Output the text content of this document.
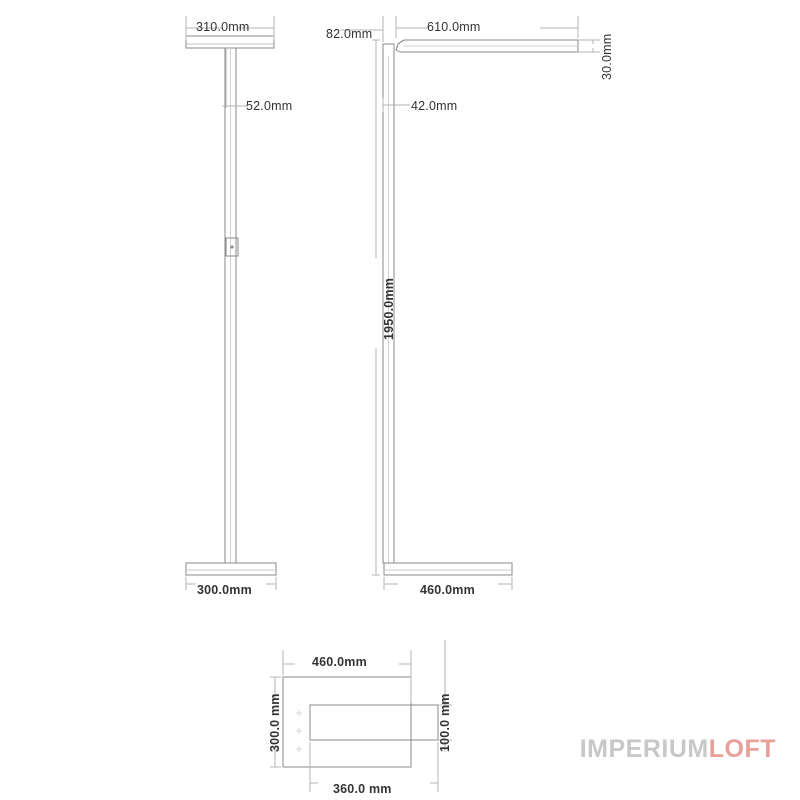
310.0mm
52.0mm
300.0mm
82.0mm	610.0mm
30.0mm
42.0mm
1950.0mm
460.0mm
460.0mm
100.0 mm
300.0 mm
360.0 mm
IMPERIUMLOFT
